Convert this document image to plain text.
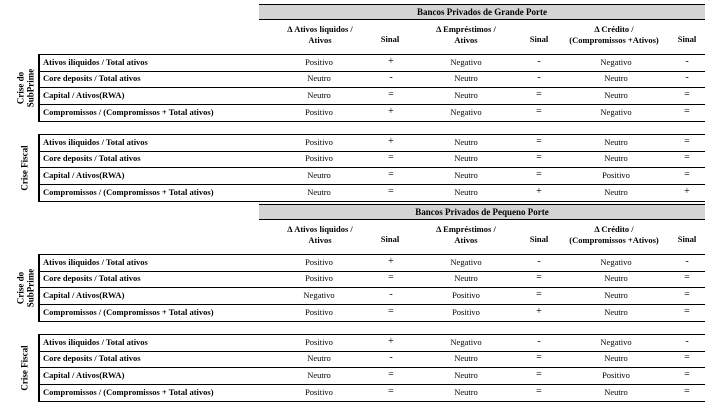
Bancos Privados de Grande Porte
Δ Ativos líquidos /
Ativos	Sinal
Δ Empréstimos /
Ativos	Sinal
Δ Crédito /
(Compromissos +Ativos)	Sinal
Crise do SubPrime
Ativos ilíquidos / Total ativos	Positivo	+	Negativo	-	Negativo	-
Core deposits / Total ativos	Neutro	-	Neutro	-	Neutro	-
Capital / Ativos(RWA)	Neutro	=	Neutro	=	Neutro	=
Compromissos / (Compromissos + Total ativos)	Positivo	+	Negativo	=	Negativo	=
Crise Fiscal
Ativos ilíquidos / Total ativos	Positivo	+	Neutro	=	Neutro	=
Core deposits / Total ativos	Positivo	=	Neutro	=	Neutro	=
Capital / Ativos(RWA)	Neutro	=	Neutro	=	Positivo	=
Compromissos / (Compromissos + Total ativos)	Neutro	=	Neutro	+	Neutro	+
Bancos Privados de Pequeno Porte
Δ Ativos líquidos /
Ativos	Sinal
Δ Empréstimos /
Ativos	Sinal
Δ Crédito /
(Compromissos +Ativos)	Sinal
Crise do SubPrime
Ativos ilíquidos / Total ativos	Positivo	+	Negativo	-	Negativo	-
Core deposits / Total ativos	Positivo	=	Neutro	=	Neutro	=
Capital / Ativos(RWA)	Negativo	-	Positivo	=	Neutro	=
Compromissos / (Compromissos + Total ativos)	Positivo	=	Positivo	+	Neutro	=
Crise Fiscal
Ativos ilíquidos / Total ativos	Positivo	+	Negativo	-	Negativo	-
Core deposits / Total ativos	Neutro	-	Neutro	=	Neutro	=
Capital / Ativos(RWA)	Neutro	=	Neutro	=	Positivo	=
Compromissos / (Compromissos + Total ativos)	Positivo	=	Neutro	=	Neutro	=
